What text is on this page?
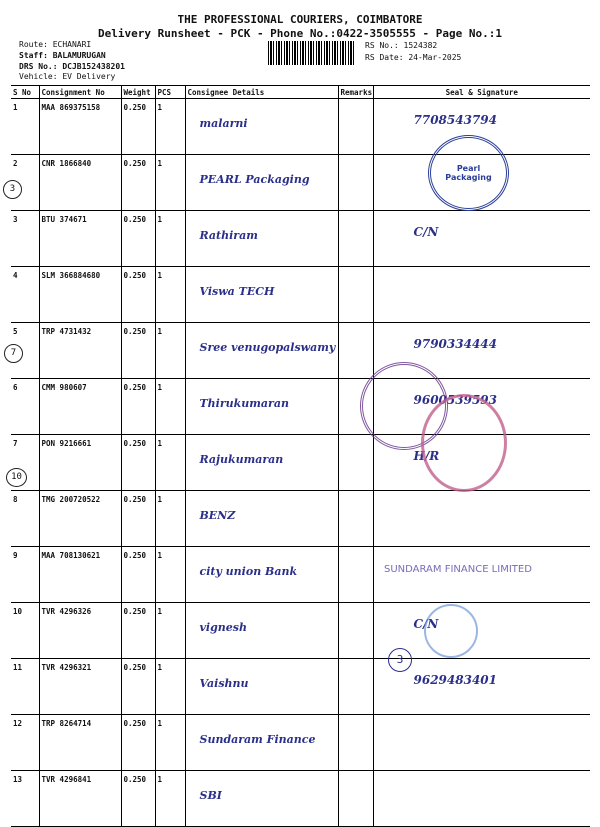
THE PROFESSIONAL COURIERS, COIMBATORE
Delivery Runsheet - PCK - Phone No.:0422-3505555 - Page No.:1
Route: ECHANARI
Staff: BALAMURUGAN
DRS No.: DCJB152438201
Vehicle: EV Delivery
RS No.: 1524382
RS Date: 24-Mar-2025
S No	Consignment No	Weight	PCS	Consignee Details	Remarks	Seal & Signature
1	MAA 869375158	0.250	1	malarni		7708543794
2	CNR 1866840	0.250	1	PEARL Packaging		
3	BTU 374671	0.250	1	Rathiram		C/N
4	SLM 366884680	0.250	1	Viswa TECH		
5	TRP 4731432	0.250	1	Sree venugopalswamy		9790334444
6	CMM 980607	0.250	1	Thirukumaran		9600539593
7	PON 9216661	0.250	1	Rajukumaran		H/R
8	TMG 200720522	0.250	1	BENZ		
9	MAA 708130621	0.250	1	city union Bank		
10	TVR 4296326	0.250	1	vignesh		C/N
11	TVR 4296321	0.250	1	Vaishnu		9629483401
12	TRP 8264714	0.250	1	Sundaram Finance		
13	TVR 4296841	0.250	1	SBI		
3
7
10
3
Pearl Packaging
SUNDARAM FINANCE LIMITED
